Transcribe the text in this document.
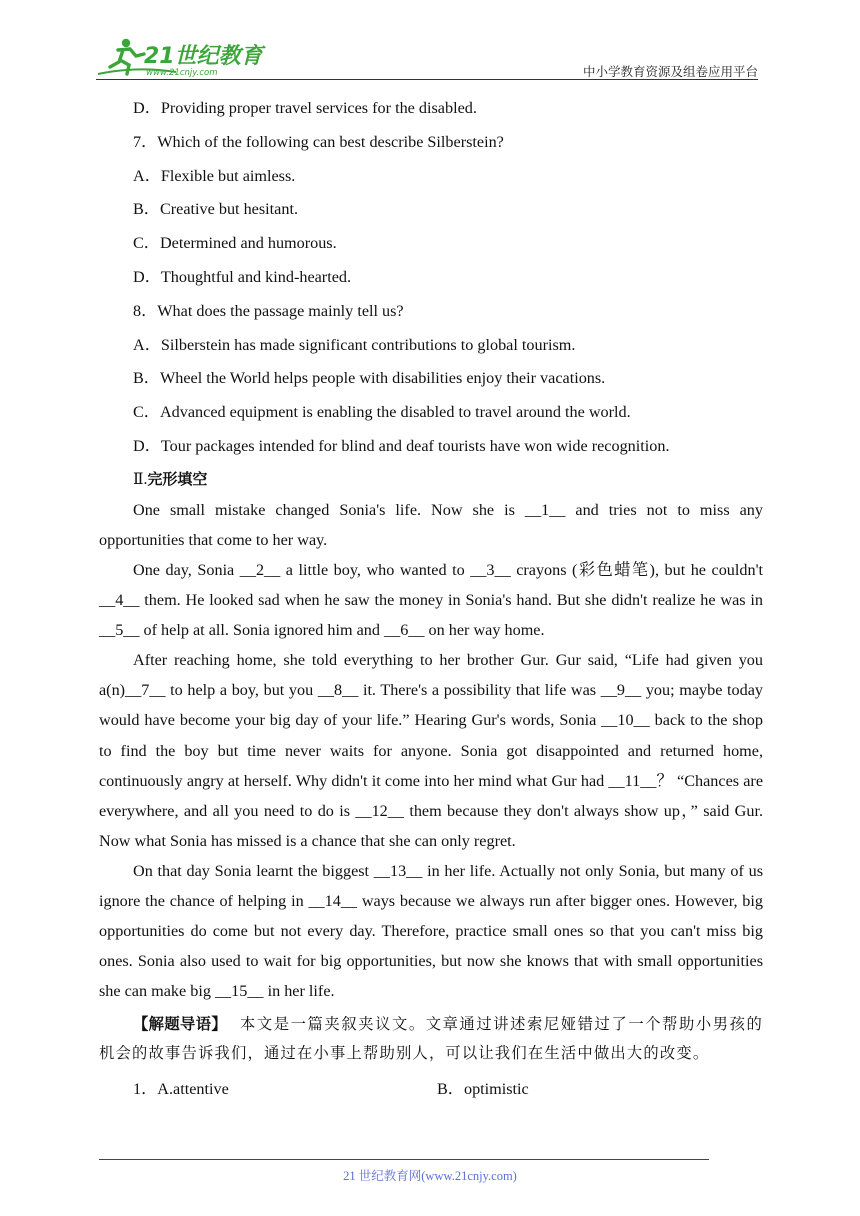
21世纪教育
www.21cnjy.com	中小学教育资源及组卷应用平台

D．Providing proper travel services for the disabled.

7．Which of the following can best describe Silberstein?

A．Flexible but aimless.

B．Creative but hesitant.

C．Determined and humorous.

D．Thoughtful and kind-hearted.

8．What does the passage mainly tell us?

A．Silberstein has made significant contributions to global tourism.

B．Wheel the World helps people with disabilities enjoy their vacations.

C．Advanced equipment is enabling the disabled to travel around the world.

D．Tour packages intended for blind and deaf tourists have won wide recognition.

Ⅱ.完形填空

One small mistake changed Sonia's life. Now she is __1__ and tries not to miss any opportunities that come to her way.

One day, Sonia __2__ a little boy, who wanted to __3__ crayons (彩色蜡笔), but he couldn't __4__ them. He looked sad when he saw the money in Sonia's hand. But she didn't realize he was in __5__ of help at all. Sonia ignored him and __6__ on her way home.

After reaching home, she told everything to her brother Gur. Gur said, “Life had given you a(n)__7__ to help a boy, but you __8__ it. There's a possibility that life was __9__ you; maybe today would have become your big day of your life.” Hearing Gur's words, Sonia __10__ back to the shop to find the boy but time never waits for anyone. Sonia got disappointed and returned home, continuously angry at herself. Why didn't it come into her mind what Gur had __11__？ “Chances are everywhere, and all you need to do is __12__ them because they don't always show up，” said Gur. Now what Sonia has missed is a chance that she can only regret.

On that day Sonia learnt the biggest __13__ in her life. Actually not only Sonia, but many of us ignore the chance of helping in __14__ ways because we always run after bigger ones. However, big opportunities do come but not every day. Therefore, practice small ones so that you can't miss big ones. Sonia also used to wait for big opportunities, but now she knows that with small opportunities she can make big __15__ in her life.

【解题导语】 本文是一篇夹叙夹议文。文章通过讲述索尼娅错过了一个帮助小男孩的机会的故事告诉我们，通过在小事上帮助别人，可以让我们在生活中做出大的改变。

1．A.attentive	B．optimistic
21 世纪教育网(www.21cnjy.com)
